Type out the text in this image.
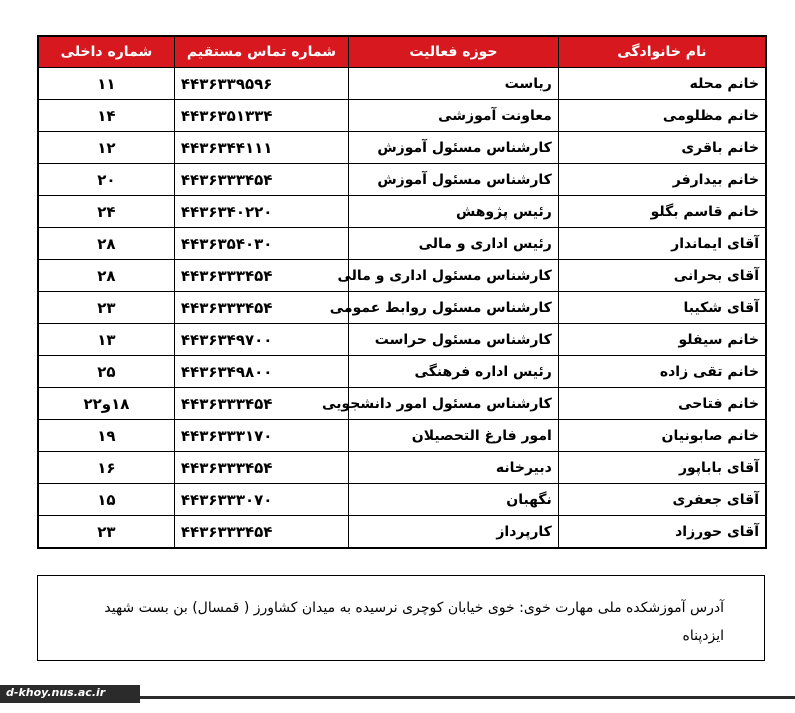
نام خانوادگی	حوزه فعالیت	شماره تماس مستقیم	شماره داخلی
خانم محله	ریاست	۴۴۳۶۳۳۹۵۹۶	۱۱
خانم مظلومی	معاونت آموزشی	۴۴۳۶۳۵۱۳۳۴	۱۴
خانم باقری	کارشناس مسئول آموزش	۴۴۳۶۳۴۴۱۱۱	۱۲
خانم بیدارفر	کارشناس مسئول آموزش	۴۴۳۶۳۳۳۴۵۴	۲۰
خانم قاسم بگلو	رئیس پژوهش	۴۴۳۶۳۴۰۲۲۰	۲۴
آقای ایماندار	رئیس اداری و مالی	۴۴۳۶۳۵۴۰۳۰	۲۸
آقای بحرانی	کارشناس مسئول اداری و مالی	۴۴۳۶۳۳۳۴۵۴	۲۸
آقای شکیبا	کارشناس مسئول روابط عمومی	۴۴۳۶۳۳۳۴۵۴	۲۳
خانم سیفلو	کارشناس مسئول حراست	۴۴۳۶۳۴۹۷۰۰	۱۳
خانم تقی زاده	رئیس اداره فرهنگی	۴۴۳۶۳۴۹۸۰۰	۲۵
خانم فتاحی	کارشناس مسئول امور دانشجویی	۴۴۳۶۳۳۳۴۵۴	۱۸و۲۲
خانم صابونیان	امور فارغ التحصیلان	۴۴۳۶۳۳۳۱۷۰	۱۹
آقای باباپور	دبیرخانه	۴۴۳۶۳۳۳۴۵۴	۱۶
آقای جعفری	نگهبان	۴۴۳۶۳۳۳۰۷۰	۱۵
آقای حورزاد	کارپرداز	۴۴۳۶۳۳۳۴۵۴	۲۳
آدرس آموزشکده ملی مهارت خوی: خوی خیابان کوچری نرسیده به میدان کشاورز ( قمسال) بن بست شهید ایزدپناه
d-khoy.nus.ac.ir
